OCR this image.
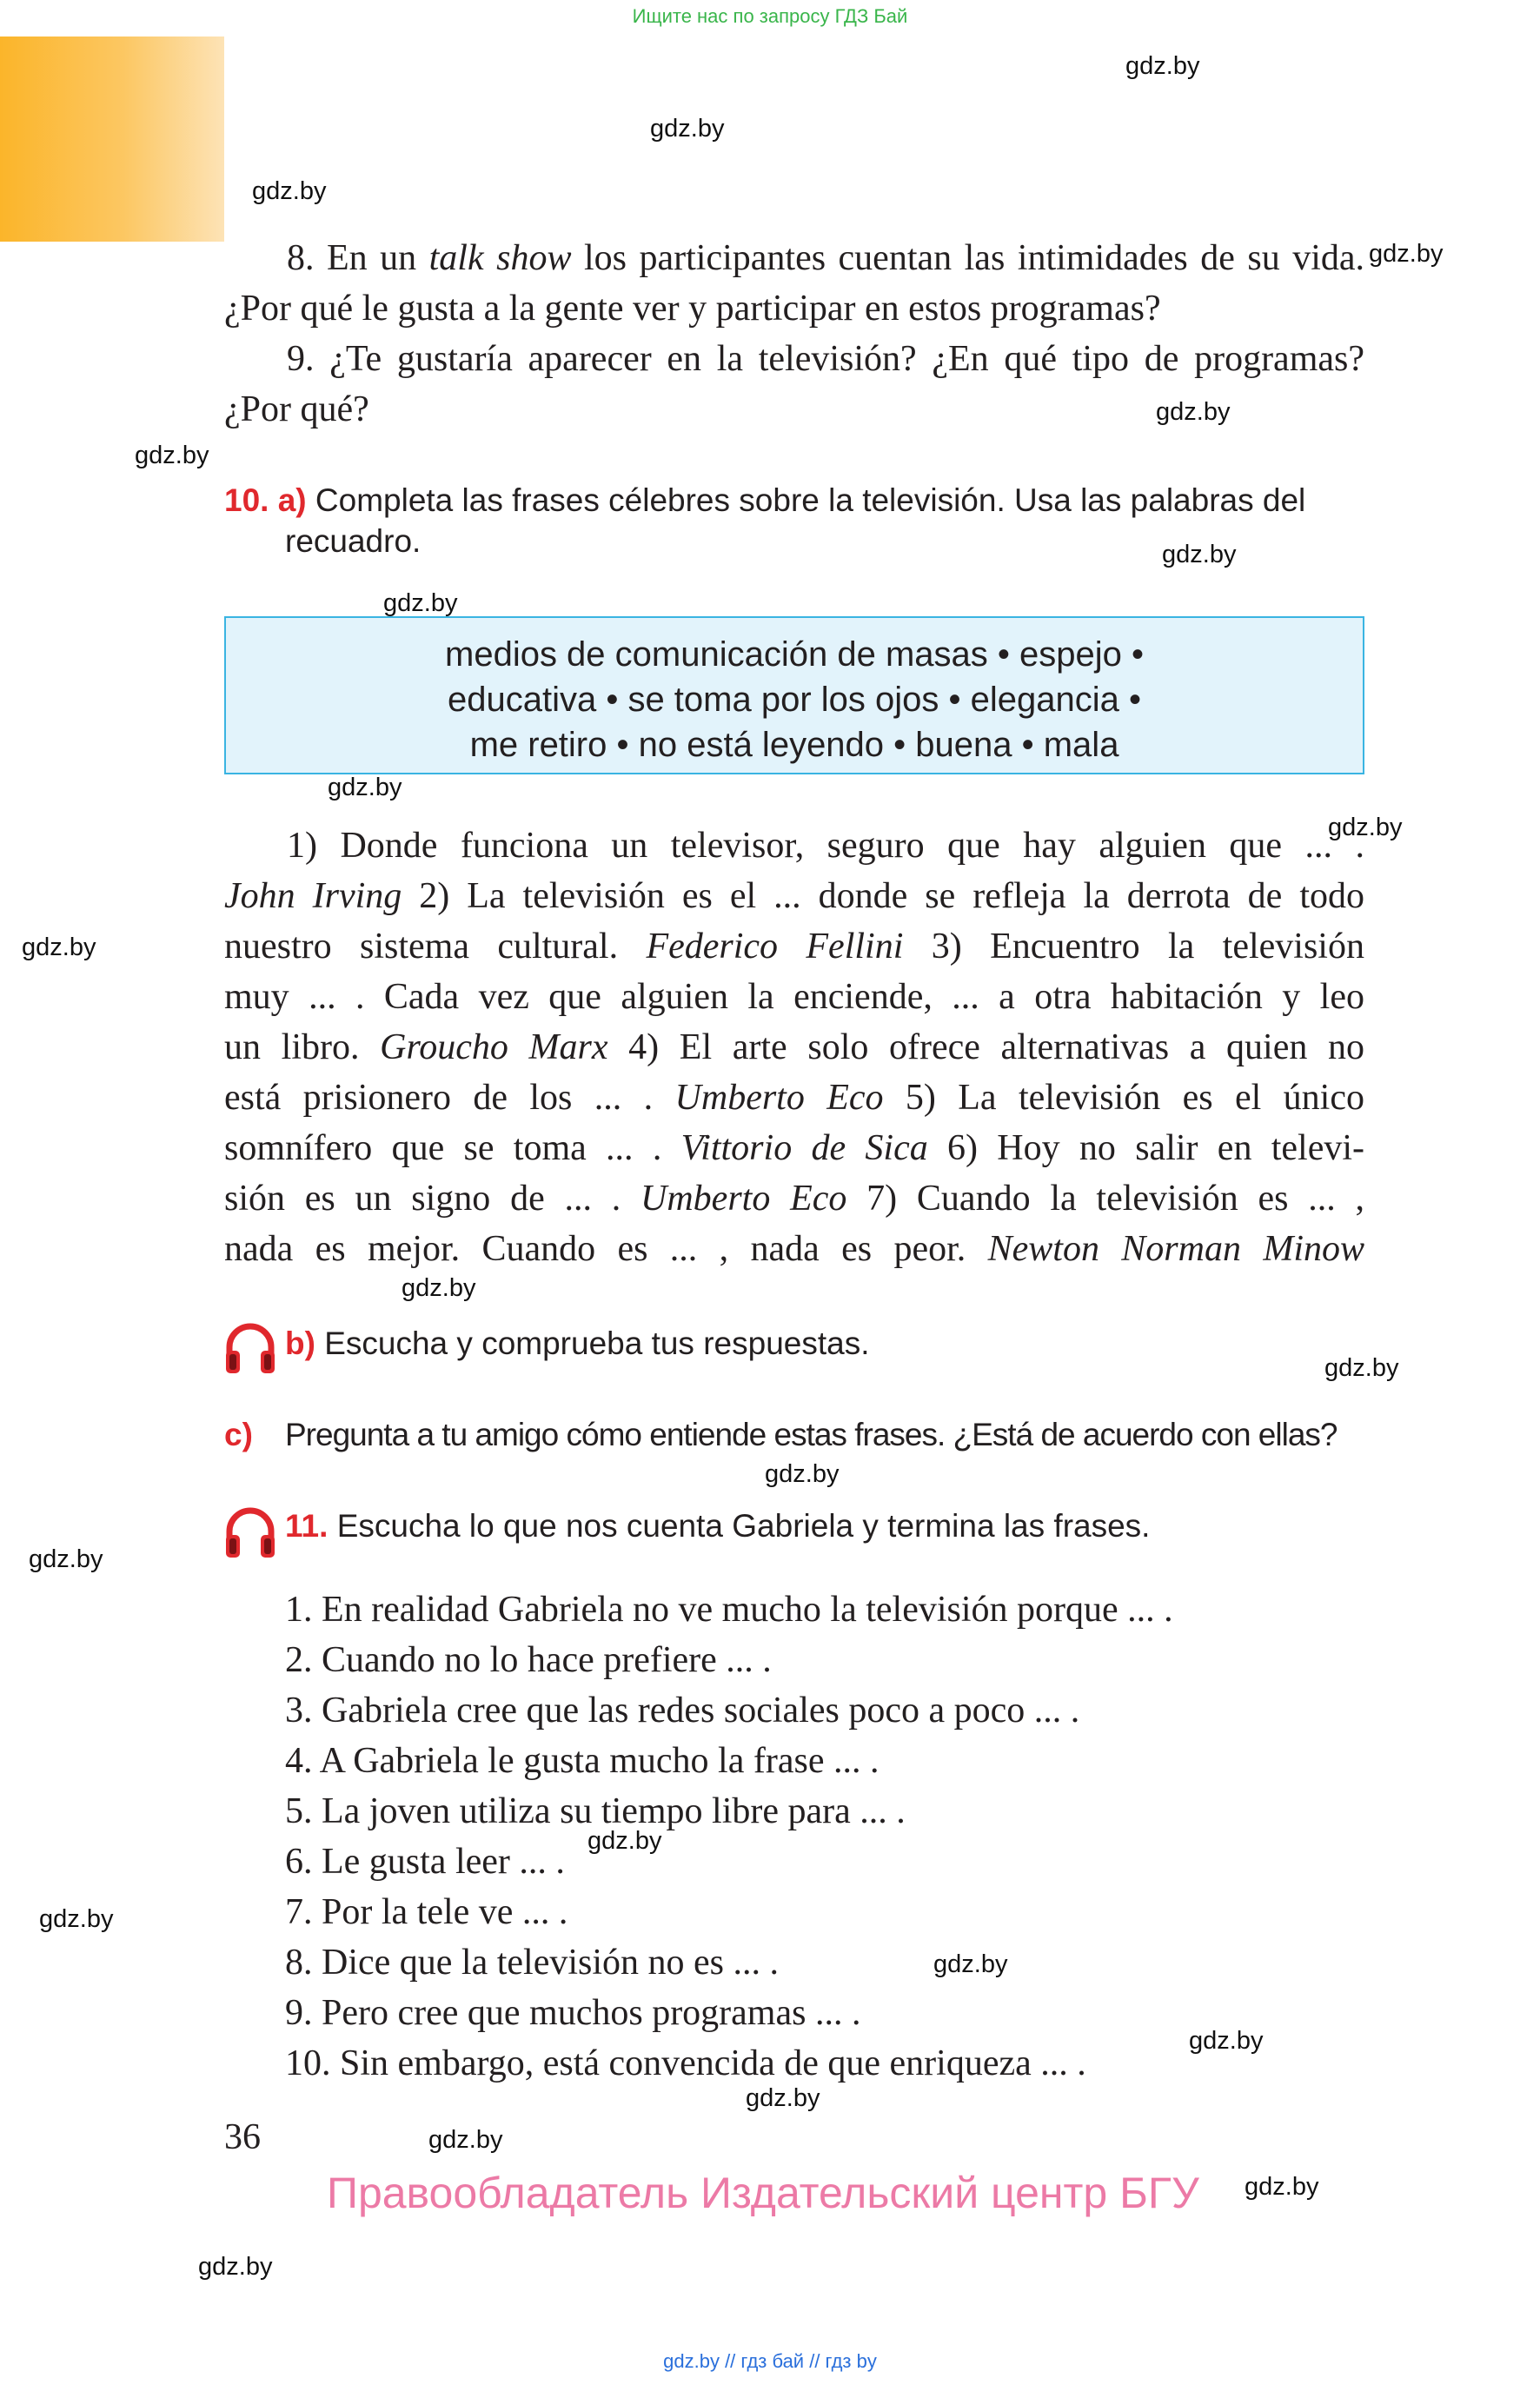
Ищите нас по запросу ГДЗ Бай
8. En un talk show los participantes cuentan las intimidades de su vida. ¿Por qué le gusta a la gente ver y participar en estos programas?
9. ¿Te gustaría aparecer en la televisión? ¿En qué tipo de programas? ¿Por qué?
10. a) Completa las frases célebres sobre la televisión. Usa las palabras del
recuadro.
medios de comunicación de masas • espejo •
educativa • se toma por los ojos • elegancia •
me retiro • no está leyendo • buena • mala
1) Donde funciona un televisor, seguro que hay alguien que ... .
John Irving 2) La televisión es el ... donde se refleja la derrota de todo
nuestro sistema cultural. Federico Fellini 3) Encuentro la televisión
muy ... . Cada vez que alguien la enciende, ... a otra habitación y leo
un libro. Groucho Marx 4) El arte solo ofrece alternativas a quien no
está prisionero de los ... . Umberto Eco 5) La televisión es el único
somnífero que se toma ... . Vittorio de Sica 6) Hoy no salir en televi-
sión es un signo de ... . Umberto Eco 7) Cuando la televisión es ... ,
nada es mejor. Cuando es ... , nada es peor. Newton Norman Minow
b) Escucha y comprueba tus respuestas.
c) Pregunta a tu amigo cómo entiende estas frases. ¿Está de acuerdo con ellas?
11. Escucha lo que nos cuenta Gabriela y termina las frases.
1. En realidad Gabriela no ve mucho la televisión porque ... .
2. Cuando no lo hace prefiere ... .
3. Gabriela cree que las redes sociales poco a poco ... .
4. A Gabriela le gusta mucho la frase ... .
5. La joven utiliza su tiempo libre para ... .
6. Le gusta leer ... .
7. Por la tele ve ... .
8. Dice que la televisión no es ... .
9. Pero cree que muchos programas ... .
10. Sin embargo, está convencida de que enriqueza ... .
36
Правообладатель Издательский центр БГУ
gdz.by // гдз бай // гдз by
gdz.by
gdz.by
gdz.by
gdz.by
gdz.by
gdz.by
gdz.by
gdz.by
gdz.by
gdz.by
gdz.by
gdz.by
gdz.by
gdz.by
gdz.by
gdz.by
gdz.by
gdz.by
gdz.by
gdz.by
gdz.by
gdz.by
gdz.by
